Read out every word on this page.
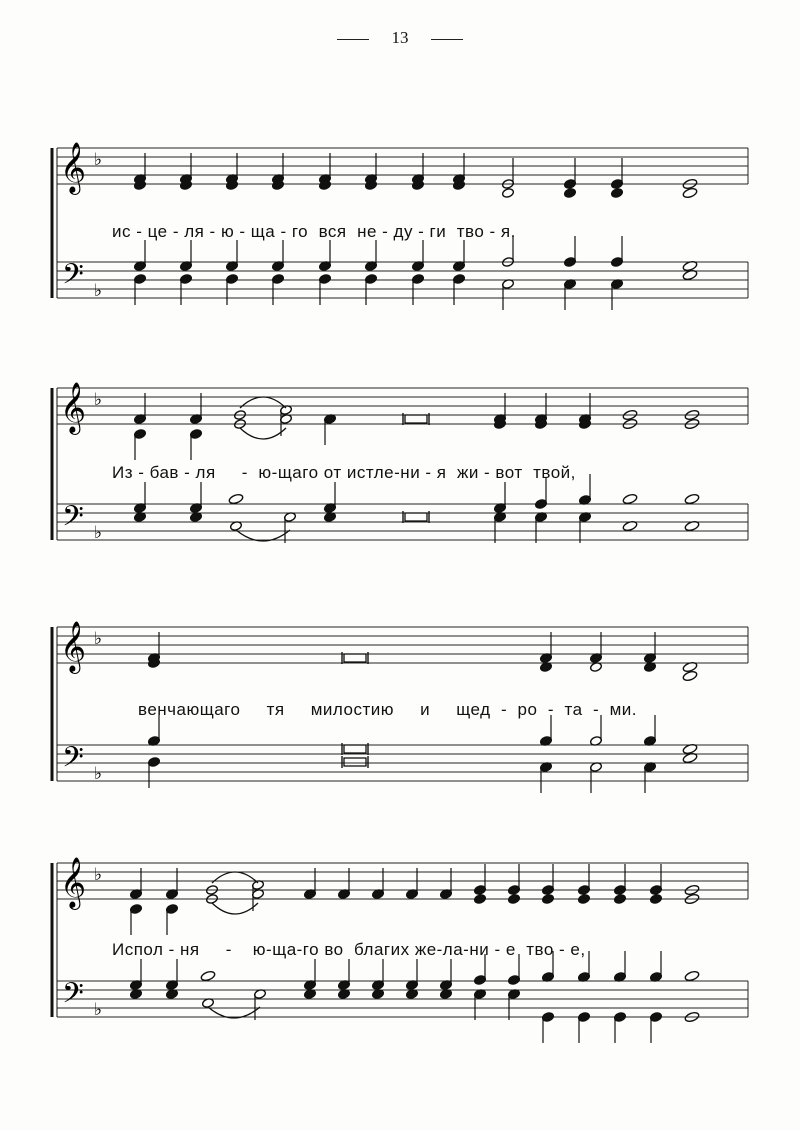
13
𝄞
𝄢
♭
♭
ис - це - ля - ю - ща - го  вся  не - ду - ги  тво - я.
𝄞
𝄢
♭
♭
Из - бав - ля     -  ю-щаго от истле-ни - я  жи - вот  твой,
𝄞
𝄢
♭
♭
венчающаго     тя     милостию     и     щед  -  ро  -  та  -  ми.
𝄞
𝄢
♭
♭
Испол - ня     -    ю-ща-го во  благих же-ла-ни - е  тво - е,
